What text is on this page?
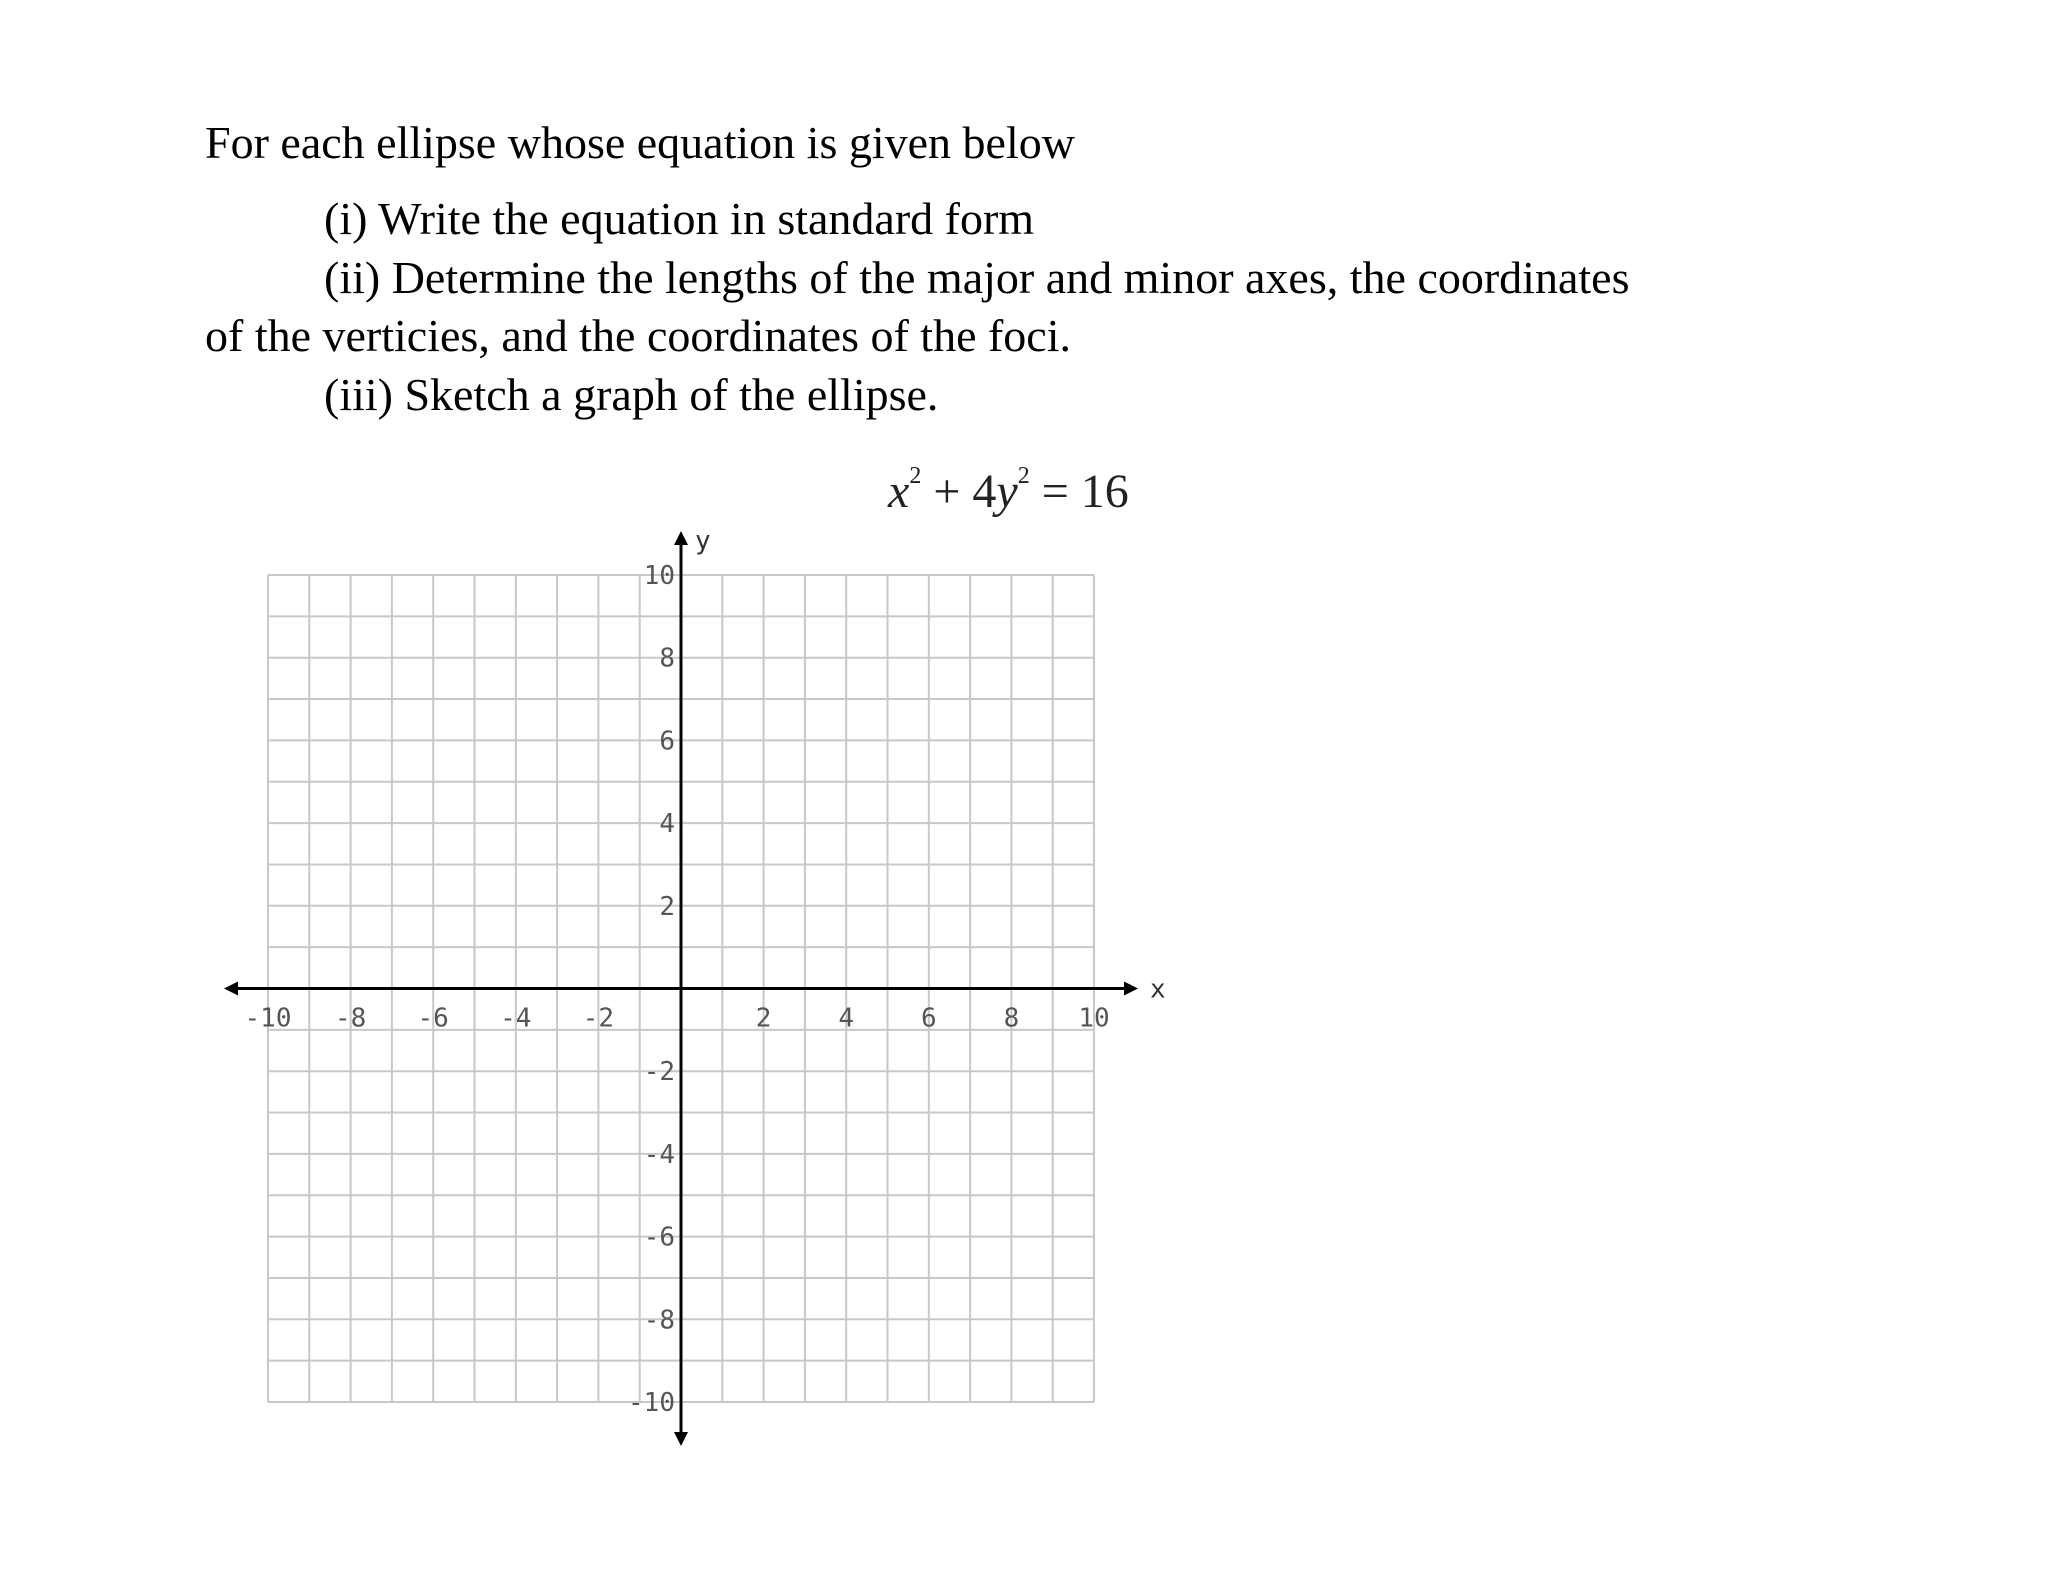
For each ellipse whose equation is given below
(i) Write the equation in standard form
(ii) Determine the lengths of the major and minor axes, the coordinates
of the verticies, and the coordinates of the foci.
(iii) Sketch a graph of the ellipse.
$x^2 + 4y^2 = 16$
-10 -8 -6 -4 -2	2	4	6	8 10
10
8
6
4
2
-2
-4
-6
-8
-10
x
y
